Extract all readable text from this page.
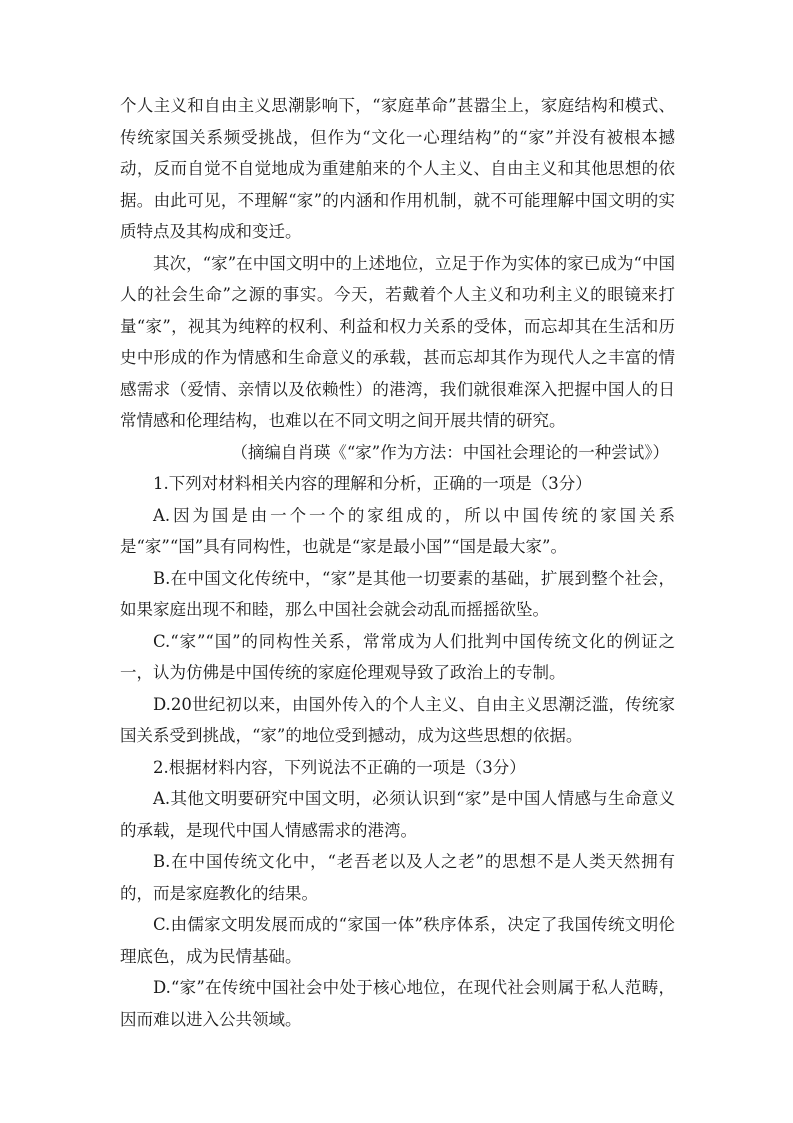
个人主义和自由主义思潮影响下，“家庭革命”甚嚣尘上，家庭结构和模式、传统家国关系频受挑战，但作为“文化一心理结构”的“家”并没有被根本撼动，反而自觉不自觉地成为重建舶来的个人主义、自由主义和其他思想的依据。由此可见，不理解“家”的内涵和作用机制，就不可能理解中国文明的实质特点及其构成和变迁。

其次，“家”在中国文明中的上述地位，立足于作为实体的家已成为“中国人的社会生命”之源的事实。今天，若戴着个人主义和功利主义的眼镜来打量“家”，视其为纯粹的权利、利益和权力关系的受体，而忘却其在生活和历史中形成的作为情感和生命意义的承载，甚而忘却其作为现代人之丰富的情感需求（爱情、亲情以及依赖性）的港湾，我们就很难深入把握中国人的日常情感和伦理结构，也难以在不同文明之间开展共情的研究。

（摘编自肖瑛《“家”作为方法：中国社会理论的一种尝试》）

1.下列对材料相关内容的理解和分析，正确的一项是（3分）

A.因为国是由一个一个的家组成的，所以中国传统的家国关系是“家”“国”具有同构性，也就是“家是最小国”“国是最大家”。

B.在中国文化传统中，“家”是其他一切要素的基础，扩展到整个社会，如果家庭出现不和睦，那么中国社会就会动乱而摇摇欲坠。

C.“家”“国”的同构性关系，常常成为人们批判中国传统文化的例证之一，认为仿佛是中国传统的家庭伦理观导致了政治上的专制。

D.20世纪初以来，由国外传入的个人主义、自由主义思潮泛滥，传统家国关系受到挑战，“家”的地位受到撼动，成为这些思想的依据。

2.根据材料内容，下列说法不正确的一项是（3分）

A.其他文明要研究中国文明，必须认识到“家”是中国人情感与生命意义的承载，是现代中国人情感需求的港湾。

B.在中国传统文化中，“老吾老以及人之老”的思想不是人类天然拥有的，而是家庭教化的结果。

C.由儒家文明发展而成的“家国一体”秩序体系，决定了我国传统文明伦理底色，成为民情基础。

D.“家”在传统中国社会中处于核心地位，在现代社会则属于私人范畴，因而难以进入公共领域。
